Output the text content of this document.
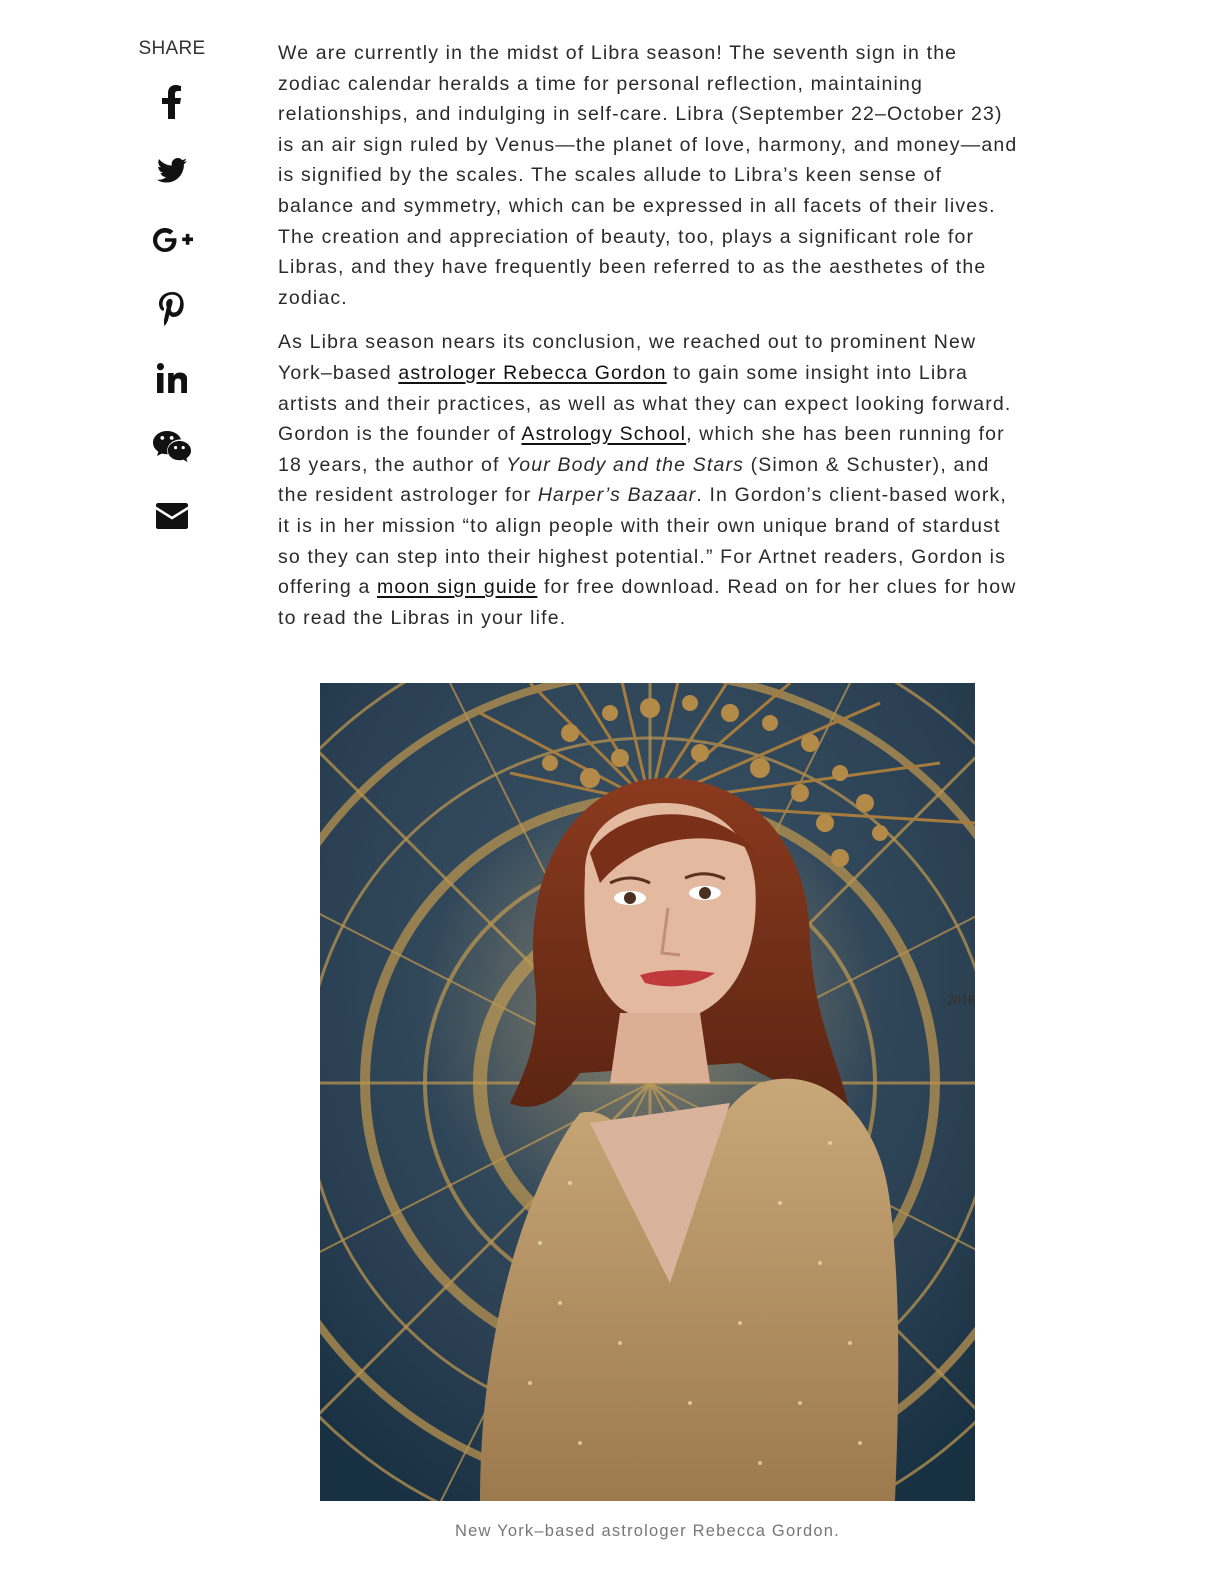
SHARE	We are currently in the midst of Libra season! The seventh sign in the zodiac calendar heralds a time for personal reflection, maintaining relationships, and indulging in self-care. Libra (September 22–October 23) is an air sign ruled by Venus—the planet of love, harmony, and money—and is signified by the scales. The scales allude to Libra’s keen sense of balance and symmetry, which can be expressed in all facets of their lives. The creation and appreciation of beauty, too, plays a significant role for Libras, and they have frequently been referred to as the aesthetes of the zodiac.

As Libra season nears its conclusion, we reached out to prominent New York–based astrologer Rebecca Gordon to gain some insight into Libra artists and their practices, as well as what they can expect looking forward. Gordon is the founder of Astrology School, which she has been running for 18 years, the author of Your Body and the Stars (Simon & Schuster), and the resident astrologer for Harper’s Bazaar. In Gordon’s client-based work, it is in her mission “to align people with their own unique brand of stardust so they can step into their highest potential.” For Artnet readers, Gordon is offering a moon sign guide for free download. Read on for her clues for how to read the Libras in your life.

2018
New York–based astrologer Rebecca Gordon.
